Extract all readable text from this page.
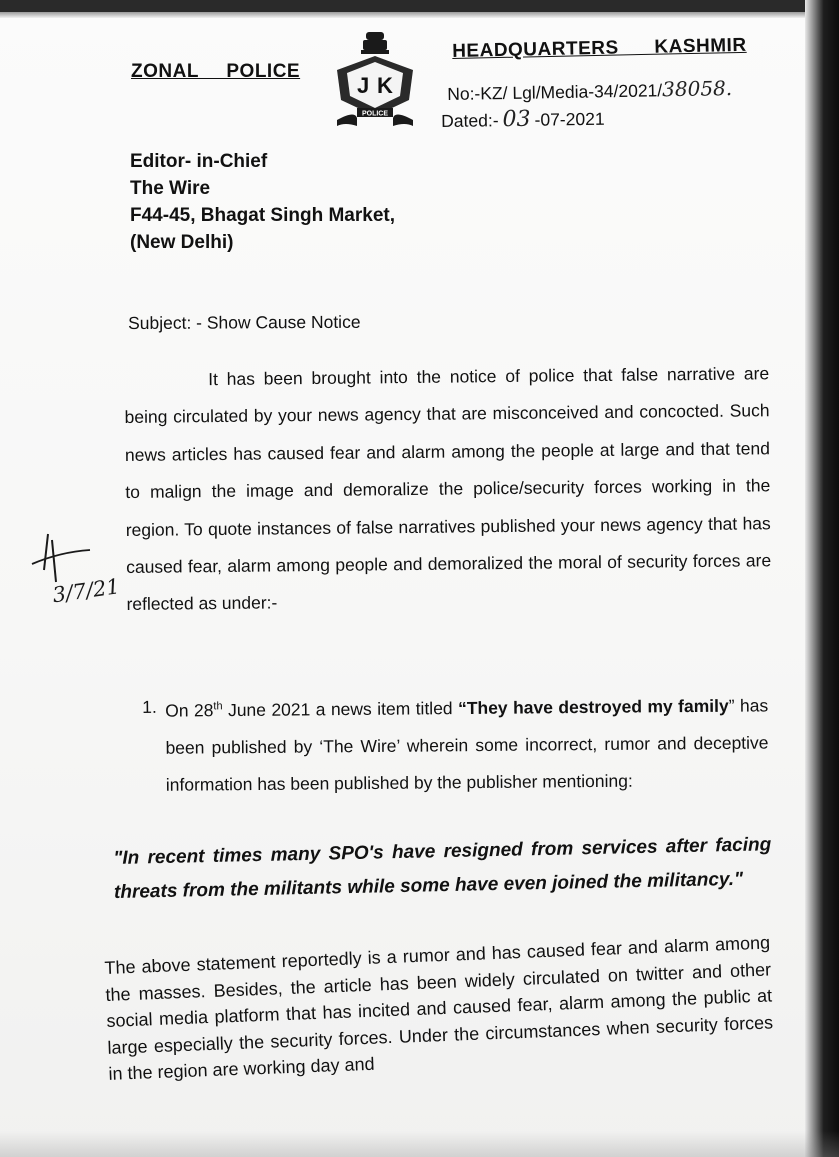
ZONAL POLICE
J K
POLICE
HEADQUARTERS KASHMIR
No:-KZ/ Lgl/Media-34/2021/38058.
Dated:- 03 -07-2021
Editor- in-Chief
The Wire
F44-45, Bhagat Singh Market,
(New Delhi)
Subject: - Show Cause Notice
It has been brought into the notice of police that false narrative are being circulated by your news agency that are misconceived and concocted. Such news articles has caused fear and alarm among the people at large and that tend to malign the image and demoralize the police/security forces working in the region. To quote instances of false narratives published your news agency that has caused fear, alarm among people and demoralized the moral of security forces are reflected as under:-
3/7/21
1. On 28th June 2021 a news item titled “They have destroyed my family” has been published by ‘The Wire’ wherein some incorrect, rumor and deceptive information has been published by the publisher mentioning:
"In recent times many SPO's have resigned from services after facing threats from the militants while some have even joined the militancy."
The above statement reportedly is a rumor and has caused fear and alarm among the masses. Besides, the article has been widely circulated on twitter and other social media platform that has incited and caused fear, alarm among the public at large especially the security forces. Under the circumstances when security forces in the region are working day and
